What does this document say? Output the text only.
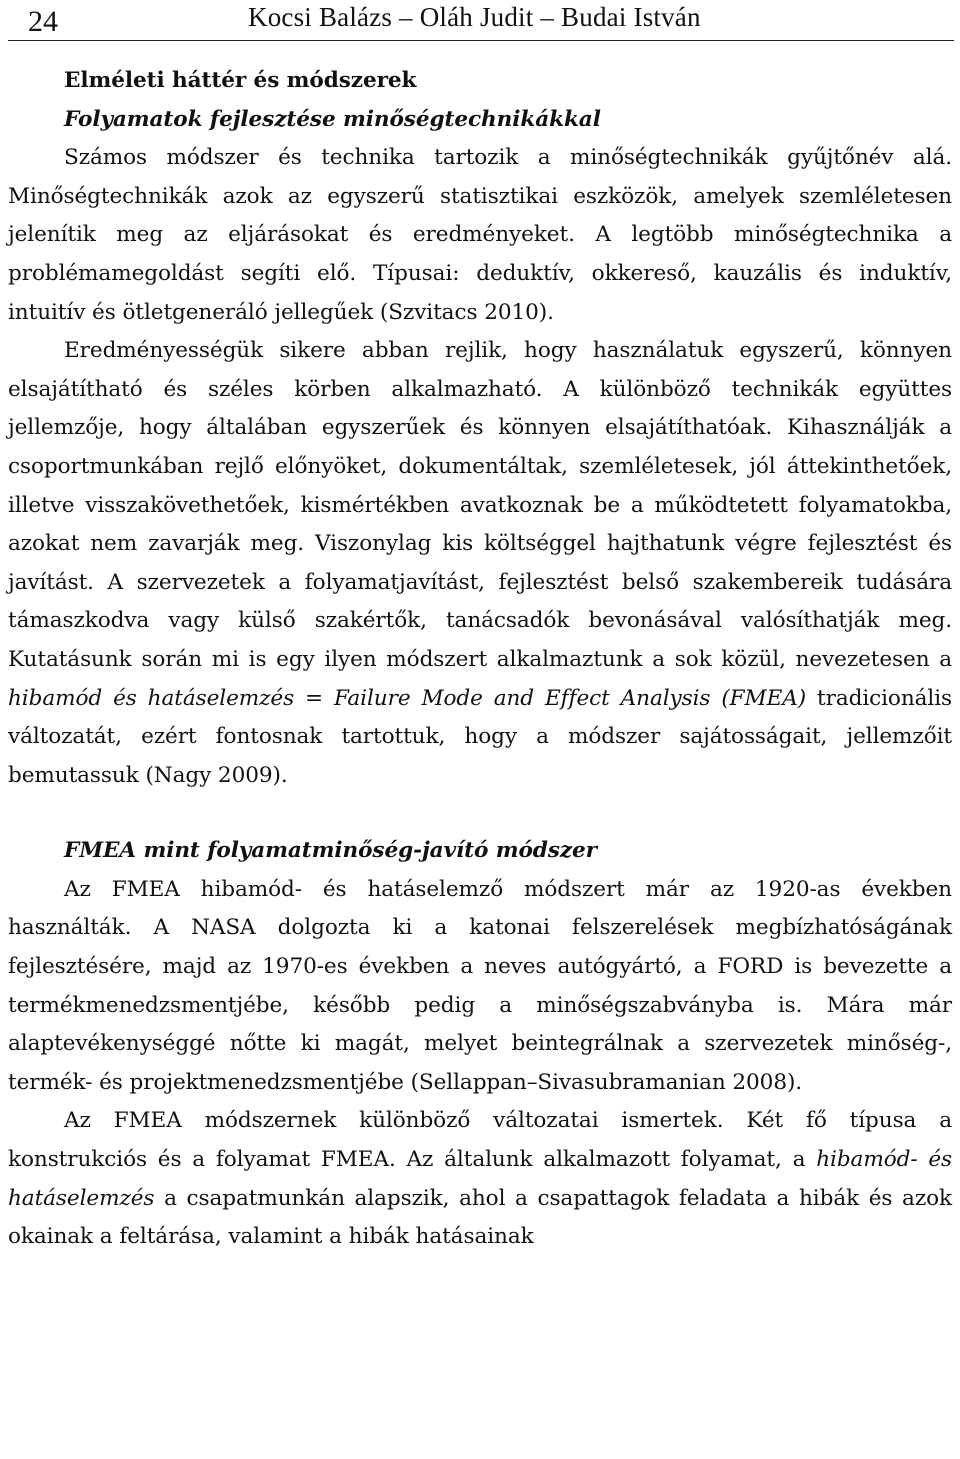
24	Kocsi Balázs – Oláh Judit – Budai István
Elméleti háttér és módszerek
Folyamatok fejlesztése minőségtechnikákkal

Számos módszer és technika tartozik a minőségtechnikák gyűjtőnév alá. Minőségtechnikák azok az egyszerű statisztikai eszközök, amelyek szemléletesen jelenítik meg az eljárásokat és eredményeket. A legtöbb minőségtechnika a problémamegoldást segíti elő. Típusai: deduktív, okkereső, kauzális és induktív, intuitív és ötletgeneráló jellegűek (Szvitacs 2010).

Eredményességük sikere abban rejlik, hogy használatuk egyszerű, könnyen elsajátítható és széles körben alkalmazható. A különböző technikák együttes jellemzője, hogy általában egyszerűek és könnyen elsajátíthatóak. Kihasználják a csoportmunkában rejlő előnyöket, dokumentáltak, szemléletesek, jól áttekinthetőek, illetve visszakövethetőek, kismértékben avatkoznak be a működtetett folyamatokba, azokat nem zavarják meg. Viszonylag kis költséggel hajthatunk végre fejlesztést és javítást. A szervezetek a folyamatjavítást, fejlesztést belső szakembereik tudására támaszkodva vagy külső szakértők, tanácsadók bevonásával valósíthatják meg. Kutatásunk során mi is egy ilyen módszert alkalmaztunk a sok közül, nevezetesen a hibamód és hatáselemzés = Failure Mode and Effect Analysis (FMEA) tradicionális változatát, ezért fontosnak tartottuk, hogy a módszer sajátosságait, jellemzőit bemutassuk (Nagy 2009).

FMEA mint folyamatminőség-javító módszer

Az FMEA hibamód- és hatáselemző módszert már az 1920-as években használták. A NASA dolgozta ki a katonai felszerelések megbízhatóságának fejlesztésére, majd az 1970-es években a neves autógyártó, a FORD is bevezette a termékmenedzsmentjébe, később pedig a minőségszabványba is. Mára már alaptevékenységgé nőtte ki magát, melyet beintegrálnak a szervezetek minőség-, termék- és projektmenedzsmentjébe (Sellappan–Sivasubramanian 2008).

Az FMEA módszernek különböző változatai ismertek. Két fő típusa a konstrukciós és a folyamat FMEA. Az általunk alkalmazott folyamat, a hibamód- és hatáselemzés a csapatmunkán alapszik, ahol a csapattagok feladata a hibák és azok okainak a feltárása, valamint a hibák hatásainak
